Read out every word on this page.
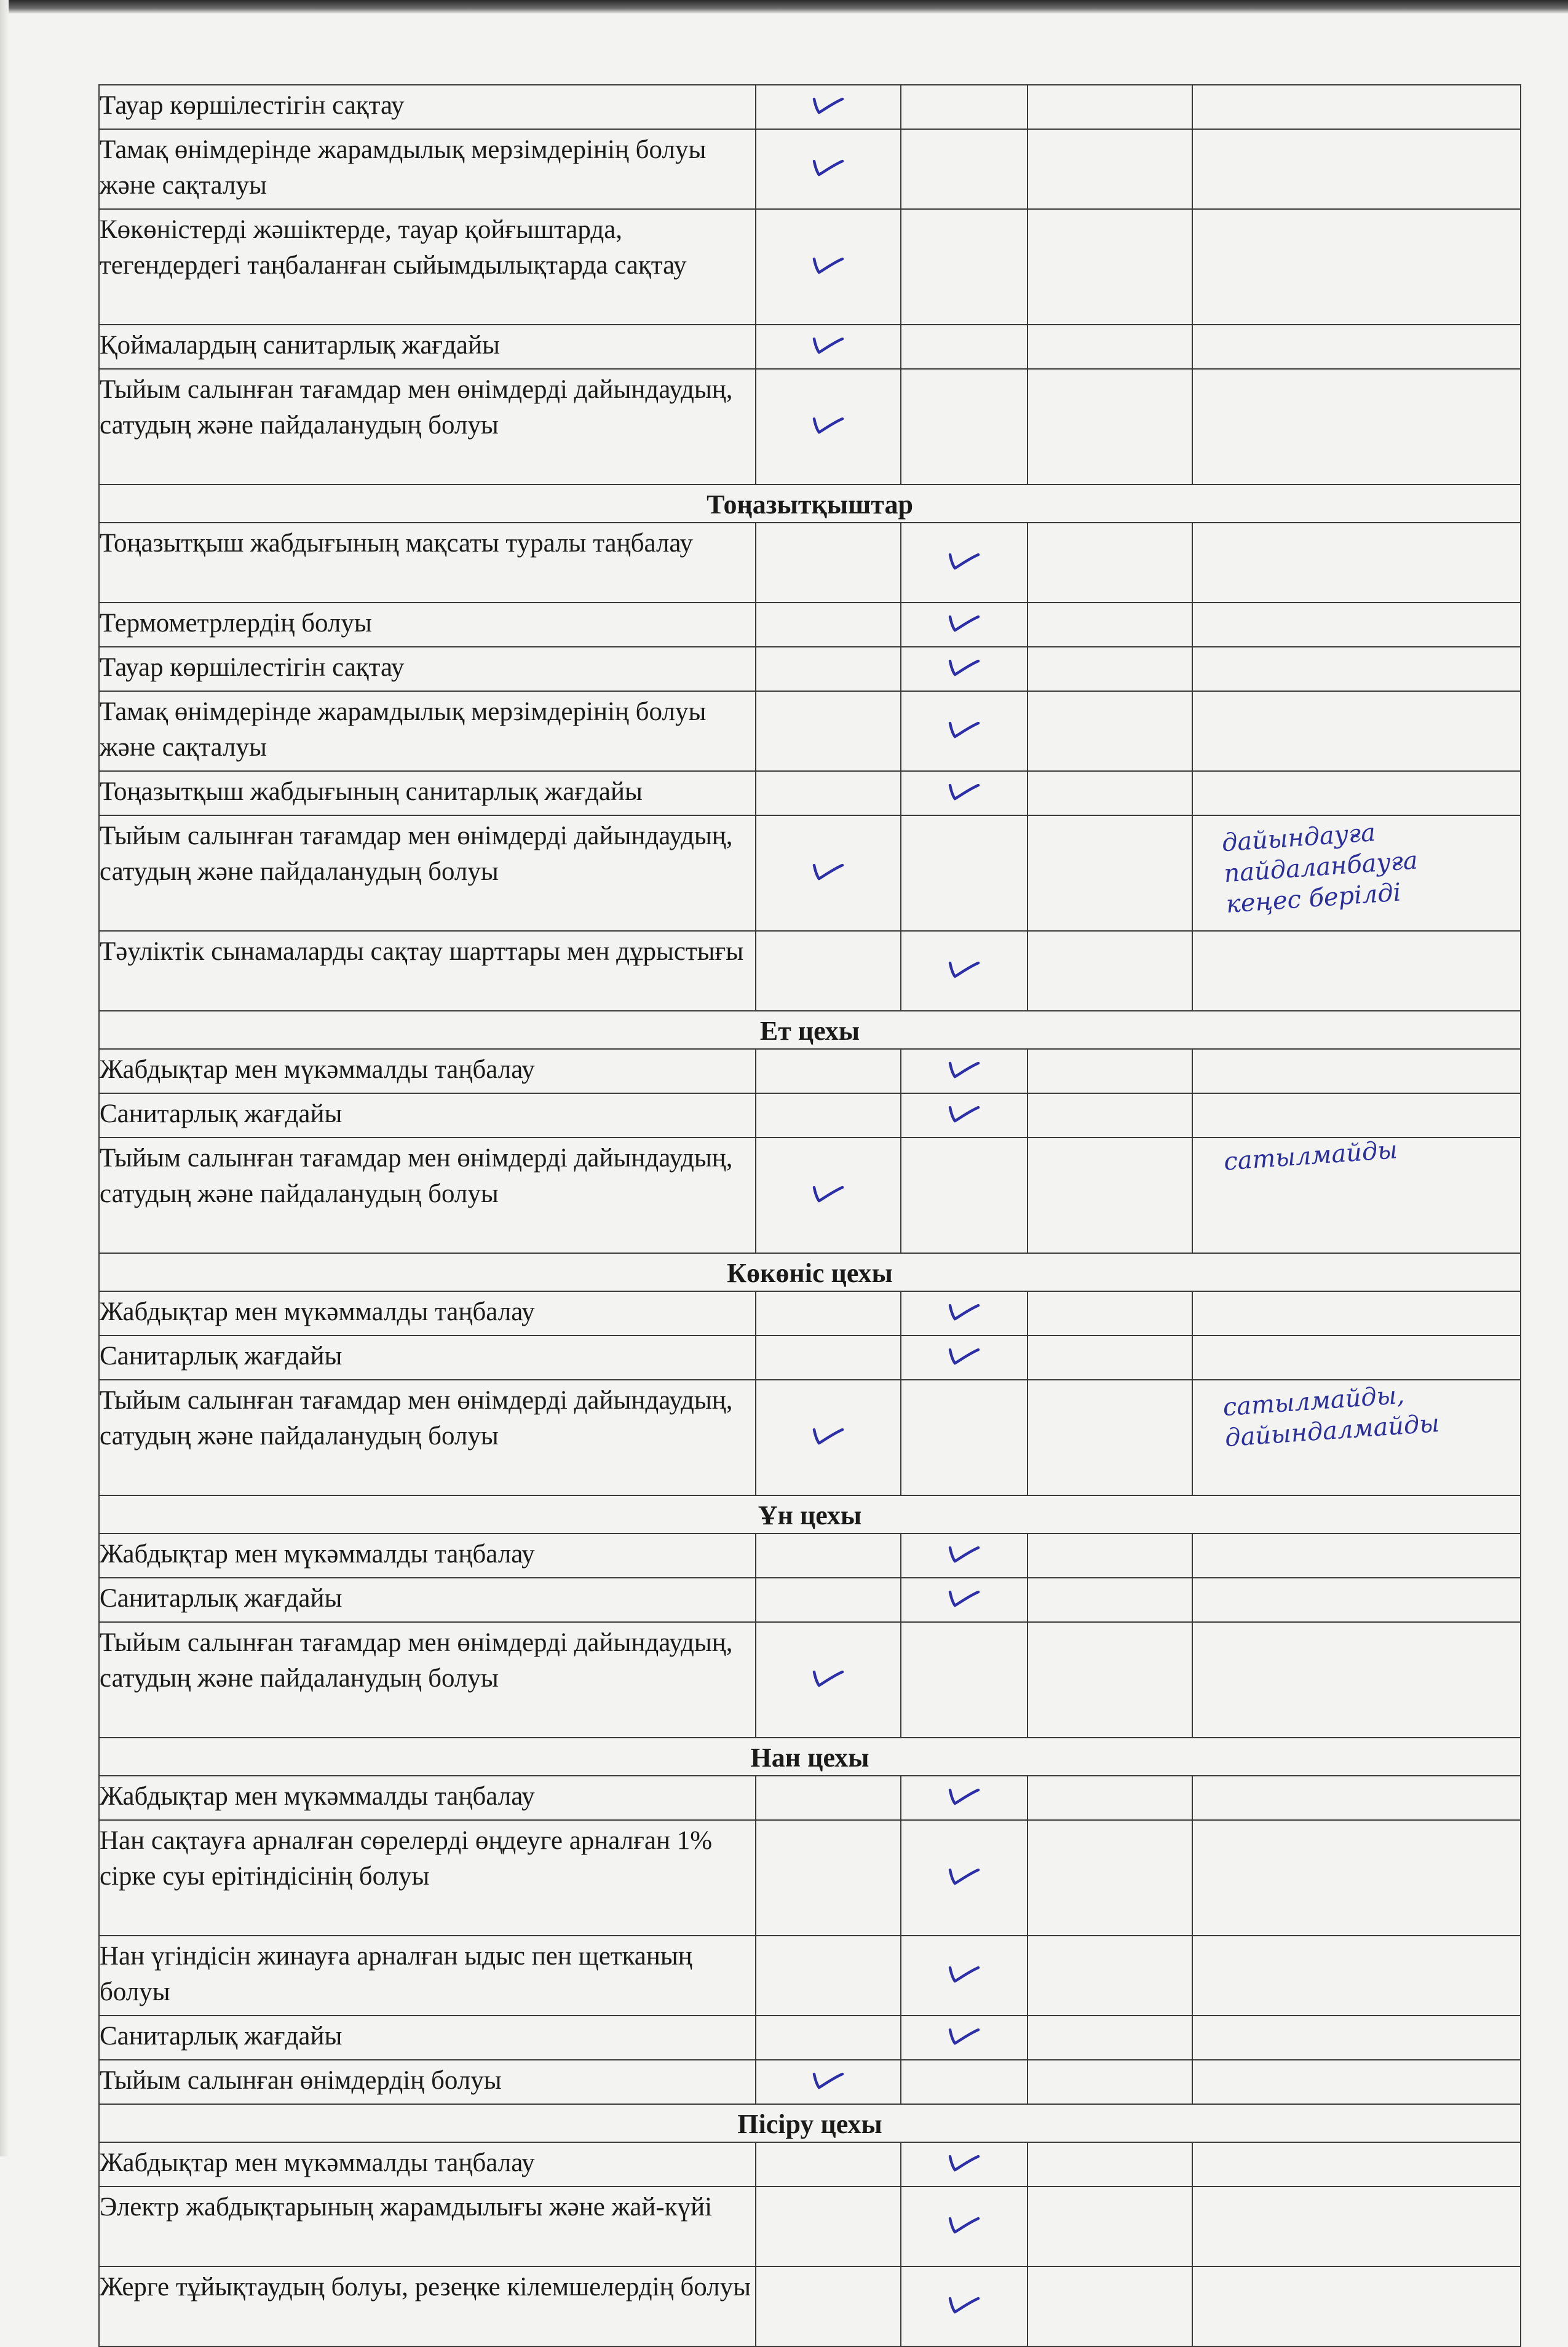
Тауар көршілестігін сақтау	

Тамақ өнімдерінде жарамдылық мерзімдерінің болуы және сақталуы	

Көкөністерді жәшіктерде, тауар қойғыштарда, тегендердегі таңбаланған сыйымдылықтарда сақтау	

Қоймалардың санитарлық жағдайы	

Тыйым салынған тағамдар мен өнімдерді дайындаудың, сатудың және пайдаланудың болуы	

Тоңазытқыштар				
Тоңазытқыш жабдығының мақсаты туралы таңбалау		

Термометрлердің болуы		

Тауар көршілестігін сақтау		

Тамақ өнімдерінде жарамдылық мерзімдерінің болуы және сақталуы		

Тоңазытқыш жабдығының санитарлық жағдайы		

Тыйым салынған тағамдар мен өнімдерді дайындаудың, сатудың және пайдаланудың болуы				дайындауға пайдаланбауға кеңес берілді

Тәуліктік сынамаларды сақтау шарттары мен дұрыстығы		

Ет цехы				
Жабдықтар мен мүкәммалды таңбалау		

Санитарлық жағдайы		

Тыйым салынған тағамдар мен өнімдерді дайындаудың, сатудың және пайдаланудың болуы				сатылмайды

Көкөніс цехы				
Жабдықтар мен мүкәммалды таңбалау		

Санитарлық жағдайы		

Тыйым салынған тағамдар мен өнімдерді дайындаудың, сатудың және пайдаланудың болуы				сатылмайды, дайындалмайды

Ұн цехы				
Жабдықтар мен мүкәммалды таңбалау		

Санитарлық жағдайы		

Тыйым салынған тағамдар мен өнімдерді дайындаудың, сатудың және пайдаланудың болуы	

Нан цехы				
Жабдықтар мен мүкәммалды таңбалау		

Нан сақтауға арналған сөрелерді өңдеуге арналған 1% сірке суы ерітіндісінің болуы		

Нан үгіндісін жинауға арналған ыдыс пен щетканың болуы		

Санитарлық жағдайы		

Тыйым салынған өнімдердің болуы	

Пісіру цехы				
Жабдықтар мен мүкәммалды таңбалау		

Электр жабдықтарының жарамдылығы және жай-күйі		

Жерге тұйықтаудың болуы, резеңке кілемшелердің болуы		
